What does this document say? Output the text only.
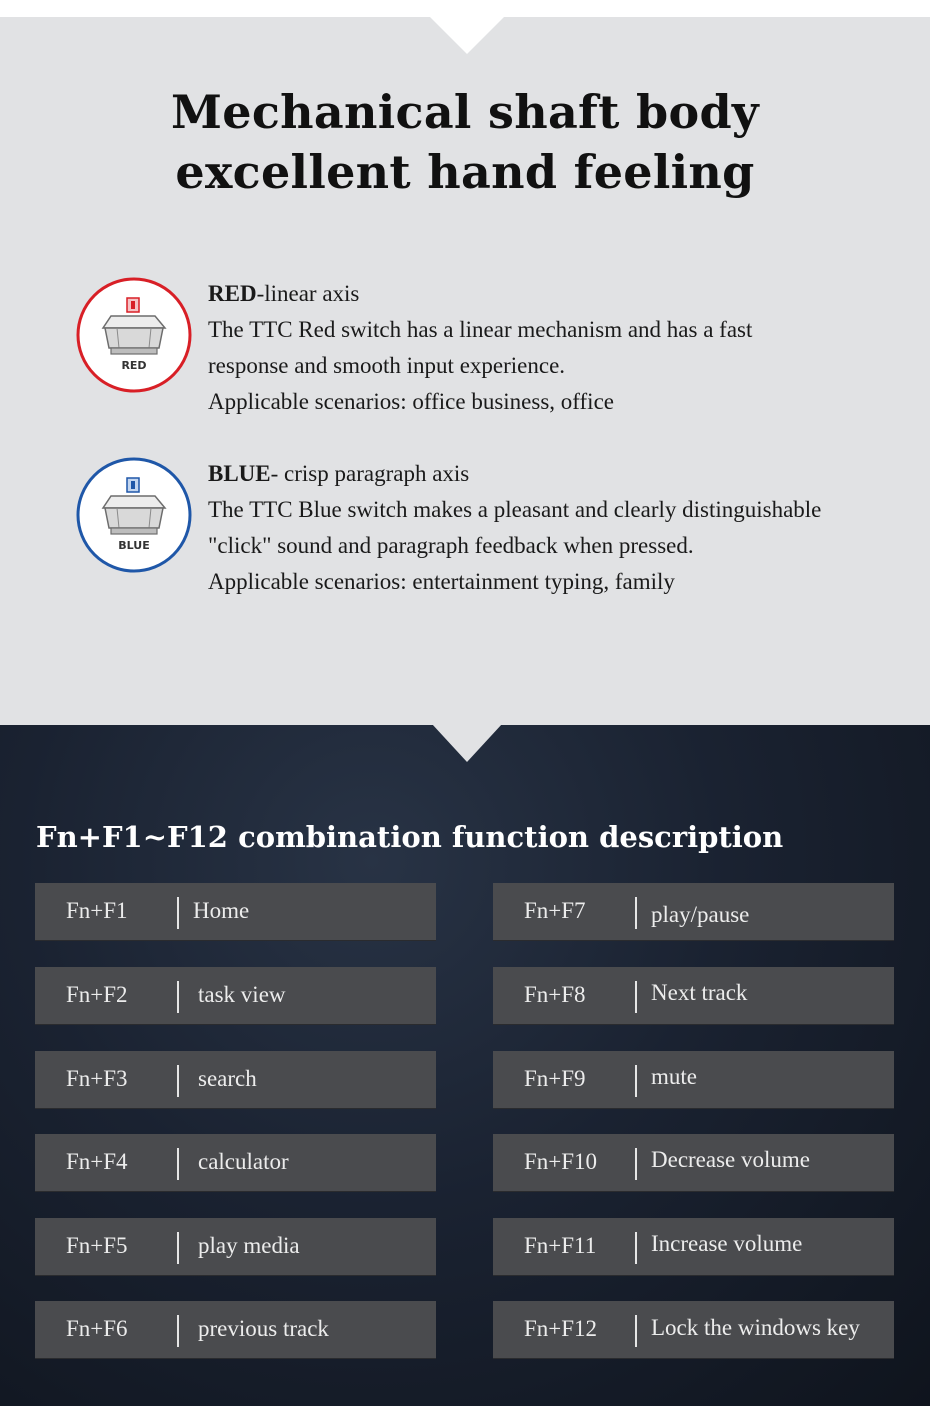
Mechanical shaft body
excellent hand feeling
RED
RED-linear axis
The TTC Red switch has a linear mechanism and has a fast
response and smooth input experience.
Applicable scenarios: office business, office
BLUE
BLUE- crisp paragraph axis
The TTC Blue switch makes a pleasant and clearly distinguishable
"click" sound and paragraph feedback when pressed.
Applicable scenarios: entertainment typing, family
Fn+F1~F12 combination function description
Fn+F1	Home
Fn+F2	task view
Fn+F3	search
Fn+F4	calculator
Fn+F5	play media
Fn+F6	previous track
Fn+F7	play/pause
Fn+F8	Next track
Fn+F9	mute
Fn+F10 Decrease volume
Fn+F11 Increase volume
Fn+F12 Lock the windows key
